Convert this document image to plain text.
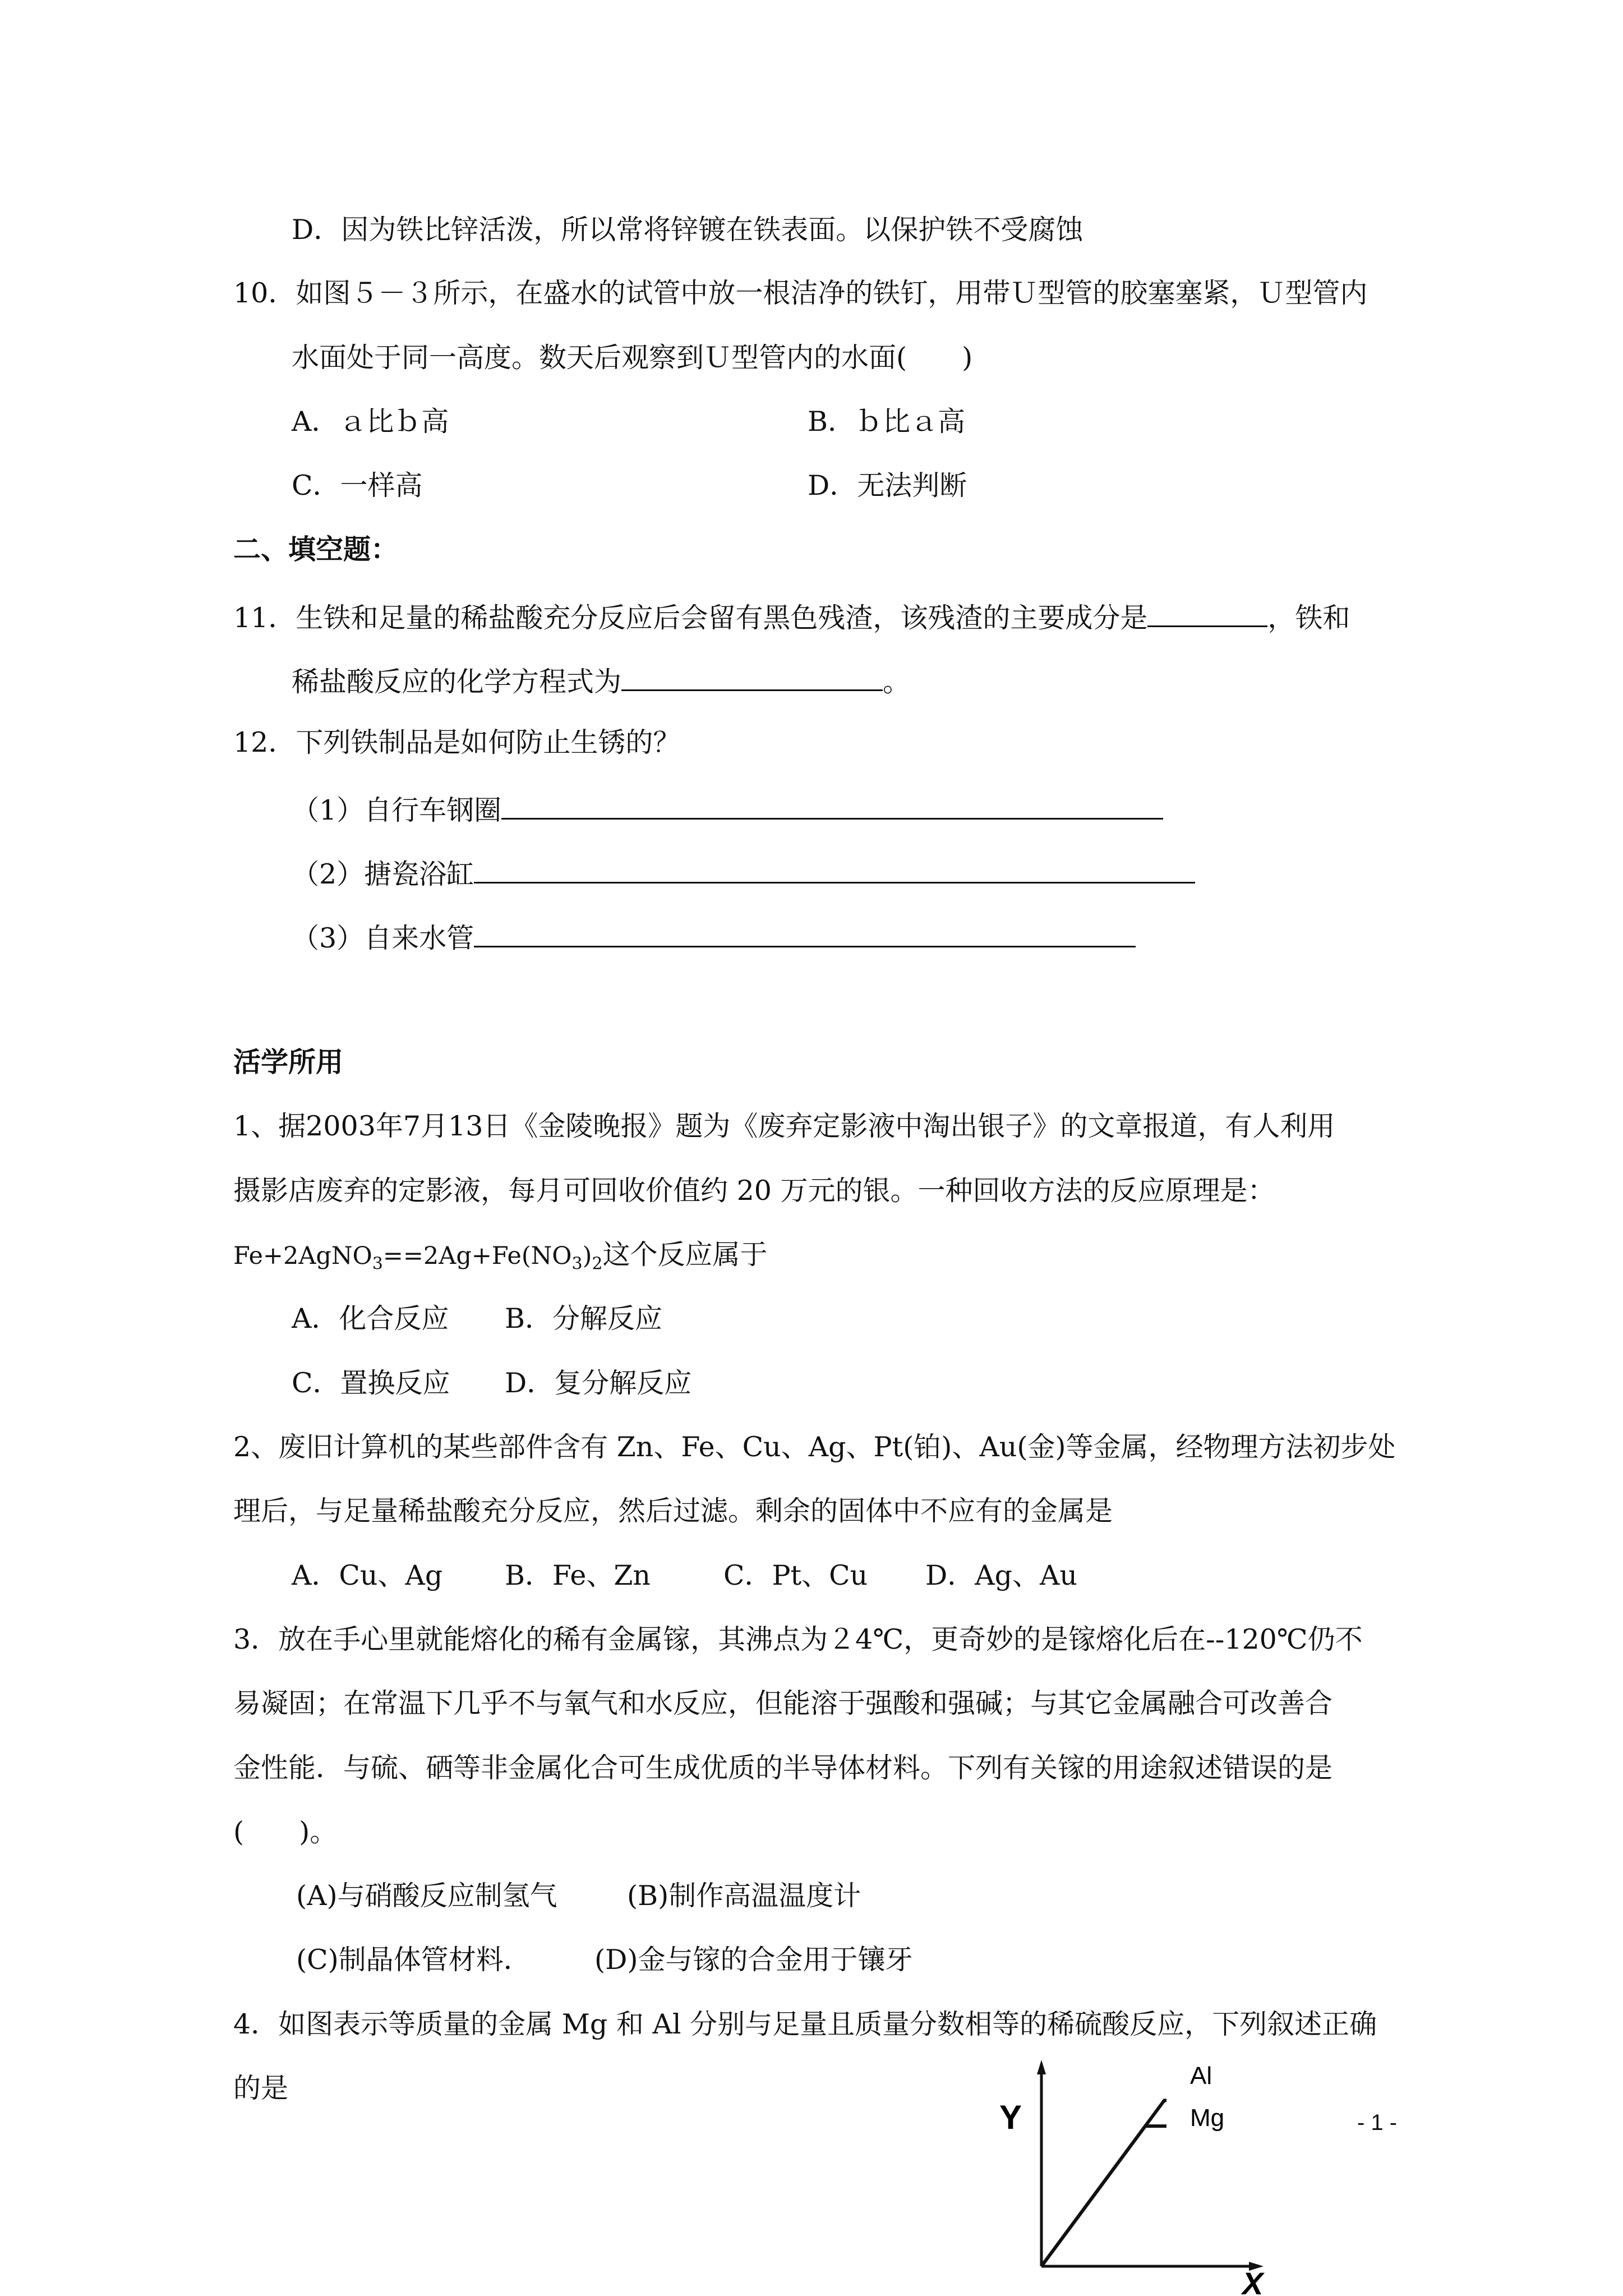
D．因为铁比锌活泼，所以常将锌镀在铁表面。以保护铁不受腐蚀
10．如图５－３所示，在盛水的试管中放一根洁净的铁钉，用带Ｕ型管的胶塞塞紧，Ｕ型管内
水面处于同一高度。数天后观察到Ｕ型管内的水面(　　)
A．ａ比ｂ高	B．ｂ比ａ高
C．一样高	D．无法判断
二、填空题：
11．生铁和足量的稀盐酸充分反应后会留有黑色残渣，该残渣的主要成分是	，铁和
稀盐酸反应的化学方程式为	。
12．下列铁制品是如何防止生锈的？
（1）自行车钢圈
（2）搪瓷浴缸
（3）自来水管
活学所用
1、据2003年7月13日《金陵晚报》题为《废弃定影液中淘出银子》的文章报道，有人利用
摄影店废弃的定影液，每月可回收价值约 20 万元的银。一种回收方法的反应原理是：
$Fe+2AgNO_3==2Ag+Fe(NO_3)_2$这个反应属于
A．化合反应 B．分解反应
C．置换反应 D．复分解反应
2、废旧计算机的某些部件含有 Zn、Fe、Cu、Ag、Pt(铂)、Au(金)等金属，经物理方法初步处
理后，与足量稀盐酸充分反应，然后过滤。剩余的固体中不应有的金属是
A．Cu、Ag B．Fe、Zn	C．Pt、Cu D．Ag、Au
3．放在手心里就能熔化的稀有金属镓，其沸点为２4℃，更奇妙的是镓熔化后在--120℃仍不
易凝固；在常温下几乎不与氧气和水反应，但能溶于强酸和强碱；与其它金属融合可改善合
金性能．与硫、硒等非金属化合可生成优质的半导体材料。下列有关镓的用途叙述错误的是
(　　)。
(A)与硝酸反应制氢气	(B)制作高温温度计
(C)制晶体管材料． (D)金与镓的合金用于镶牙
4．如图表示等质量的金属 Mg 和 Al 分别与足量且质量分数相等的稀硫酸反应，下列叙述正确
的是
Y
X
Al
Mg	- 1 -
